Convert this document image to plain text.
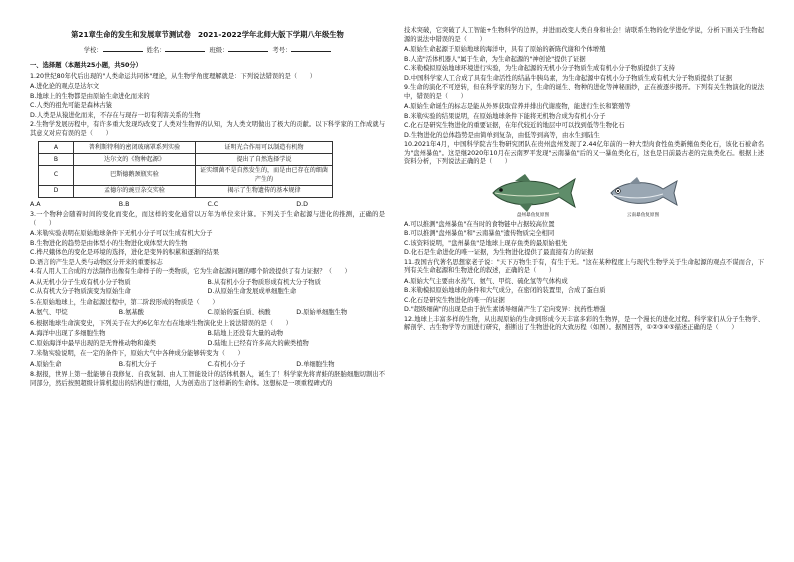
第21章生命的发生和发展章节测试卷　2021-2022学年北师大版下学期八年级生物
学校：	姓名：	班级：	考号：
一、选择题（本题共25小题，共50分）

1.20世纪80年代后出现的"人类命运共同体"理论，从生物学角度理解就是：下列说法错误的是（　　）

A.进化论的观点是达尔文
B.地球上的生物都是由原始生命进化而来的
C.人类的祖先可能是森林古猿
D.人类是从猿进化而来，不存在与现存一切有利害关系的生物

2.生物学发展历程中，有许多重大发现均改变了人类对生物界的认知，为人类文明做出了极大的贡献。以下科学家的工作成就与其意义对应有误的是（　　）

A	普利斯特利的密闭玻璃罩系列实验	证明光合作用可以制造有机物
B	达尔文的《物种起源》	提出了自然选择学说
C	巴斯德鹅颈瓶实验	证实细菌不是自然发生的，而是由已存在的细菌产生的
D	孟德尔的豌豆杂交实验	揭示了生物遗传的基本规律
A.A	B.B	C.C	D.D

3.一个物种会随着时间的变化而变化，而这样的变化通常以万年为单位来计算。下列关于生命起源与进化的推测，正确的是（　　）

A.米勒实验表明在原始地球条件下无机小分子可以生成有机大分子
B.生物进化的趋势是由体型小的生物进化成体型大的生物
C.桦尺蛾体色的变化是环境的选择，进化是变异的积累和逐渐的结果
D.语言的产生是人类与动物区分开来的重要标志

4.有人用人工合成的方法制作出像有生命样子的一类物质，它为生命起源问题的哪个阶段提供了有力证据？（　　）

A.从无机小分子生成有机小分子物质	B.从有机小分子物质形成有机大分子物质
C.从有机大分子物质演变为原始生命	D.从原始生命发展成单细胞生命

5.在原始地球上，生命起源过程中，第二阶段形成的物质是（　　）

A.氨气、甲烷	B.氨基酸	C.原始的蛋白质、核酸	D.原始单细胞生物

6.根据地球生命演变史，下列关于在大约6亿年左右在地球生物演化史上说法错误的是（　　）

A.海洋中出现了多细胞生物	B.陆地上还没有大量的动物
C.原始海洋中最早出现的是无脊椎动物和藻类	D.陆地上已经有许多高大的蕨类植物

7.米勒实验说明，在一定的条件下，原始大气中各种成分能够转变为（　　）

A.原始生命	B.有机大分子	C.有机小分子	D.单细胞生物

8.据报，世界上第一批能够自我修复、自我复制、由人工智能设计的活体机器人，诞生了！科学家先将青蛙的胚胎细胞切割出不同部分，然后按照超级计算机提出的结构进行重组，人为创造出了这样新的生命体。这想标是一项重程碑式的

技术突破，它突破了人工智能+生物科学的边界，并进而改变人类自身和社会！请联系生物的化学进化学说，分析下面关于生物起源的说法中错误的是（　　）

A.原始生命起源于原始地球的海洋中，具有了原始的新陈代谢和个体增殖
B.人造"活体机器人"属于生命，为生命起源的"神创论"提供了证据
C.米勒模拟原始地球环境进行实验，为生命起源的无机小分子物质生成有机小分子物质提供了支持
D.中国科学家人工合成了具有生命活性的结晶牛胰岛素，为生命起源中有机小分子物质生成有机大分子物质提供了证据

9.生命的演化不可逆转，但在科学家的努力下，生命的诞生、物种的进化等神秘面纱，正在被逐步揭开。下列有关生物演化的说法中，错误的是（　　）

A.原始生命诞生的标志是能从外界获取营养并排出代谢废物，能进行生长和繁殖等
B.米勒实验的结果说明，在原始地球条件下能将无机物合成为有机小分子
C.化石是研究生物进化的重要证据，在年代较近的地层中可以找到低等生物化石
D.生物进化的总体趋势是由简单到复杂，由低等到高等，由水生到陆生

10.2021年4月，中国科学院古生物研究团队在贵州盘州发现了2.44亿年前的一种大型肉食性鱼类新鳍鱼类化石，该化石被命名为"盘州暴鱼"。这是继2020年10月在云南罗平发现"云南暴鱼"后的又一暴鱼类化石，这也是目前最古老的完鱼类化石。根据上述资料分析，下列说法正确的是（　　）

盘州暴鱼复原图	云南暴鱼复原图
A.可以推测"盘州暴鱼"在当时的食物链中占据较高位置
B.可以推测"盘州暴鱼"和"云南暴鱼"遗传物质完全相同
C.该资料说明，"盘州暴鱼"是地球上现存鱼类的最原始祖先
D.化石是生命进化的唯一证据，为生物进化提供了最直接有力的证据

11.我国古代著名思想家老子说："天下万物生于有，有生于无。"这在某种程度上与现代生物学关于生命起源的观点不谋而合，下列有关生命起源和生物进化的叙述，正确的是（　　）

A.原始大气主要由水蒸气、氨气、甲烷、硫化氢等气体构成
B.米勒模拟原始地球的条件和大气成分，在密闭的装置里，合成了蛋白质
C.化石是研究生物进化的唯一的证据
D."超级细菌"的出现是由于抗生素诱导细菌产生了定向变异：抗药性增强

12.地球上丰富多样的生物，从出现原始的生命到形成今天丰富多彩的生物界，是一个漫长的进化过程。科学家们从分子生物学、解剖学、古生物学等方面进行研究，推断出了生物进化的大致历程（如图）。据图回答，①②③④⑤描述正确的是（　　）
